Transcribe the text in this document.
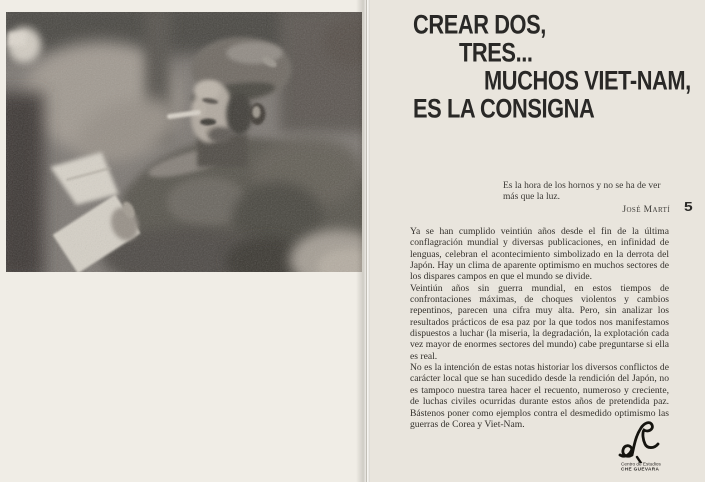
CREAR DOS,
TRES...
MUCHOS VIET-NAM,
ES LA CONSIGNA
Es la hora de los hornos y no se ha de ver
más que la luz.
José Martí 5

Ya se han cumplido veintiún años desde el fin de la última conflagración mundial y diversas publicaciones, en infinidad de lenguas, celebran el acontecimiento simbolizado en la derrota del Japón. Hay un clima de aparente optimismo en muchos sectores de los dispares campos en que el mundo se divide.

Veintiún años sin guerra mundial, en estos tiempos de confrontaciones máximas, de choques violentos y cambios repentinos, parecen una cifra muy alta. Pero, sin analizar los resultados prácticos de esa paz por la que todos nos manifestamos dispuestos a luchar (la miseria, la degradación, la explotación cada vez mayor de enormes sectores del mundo) cabe preguntarse si ella es real.

No es la intención de estas notas historiar los diversos conflictos de carácter local que se han sucedido desde la rendición del Japón, no es tampoco nuestra tarea hacer el recuento, numeroso y creciente, de luchas civiles ocurridas durante estos años de pretendida paz. Bástenos poner como ejemplos contra el desmedido optimismo las guerras de Corea y Viet-Nam.

Centro de Estudios
CHE GUEVARA
